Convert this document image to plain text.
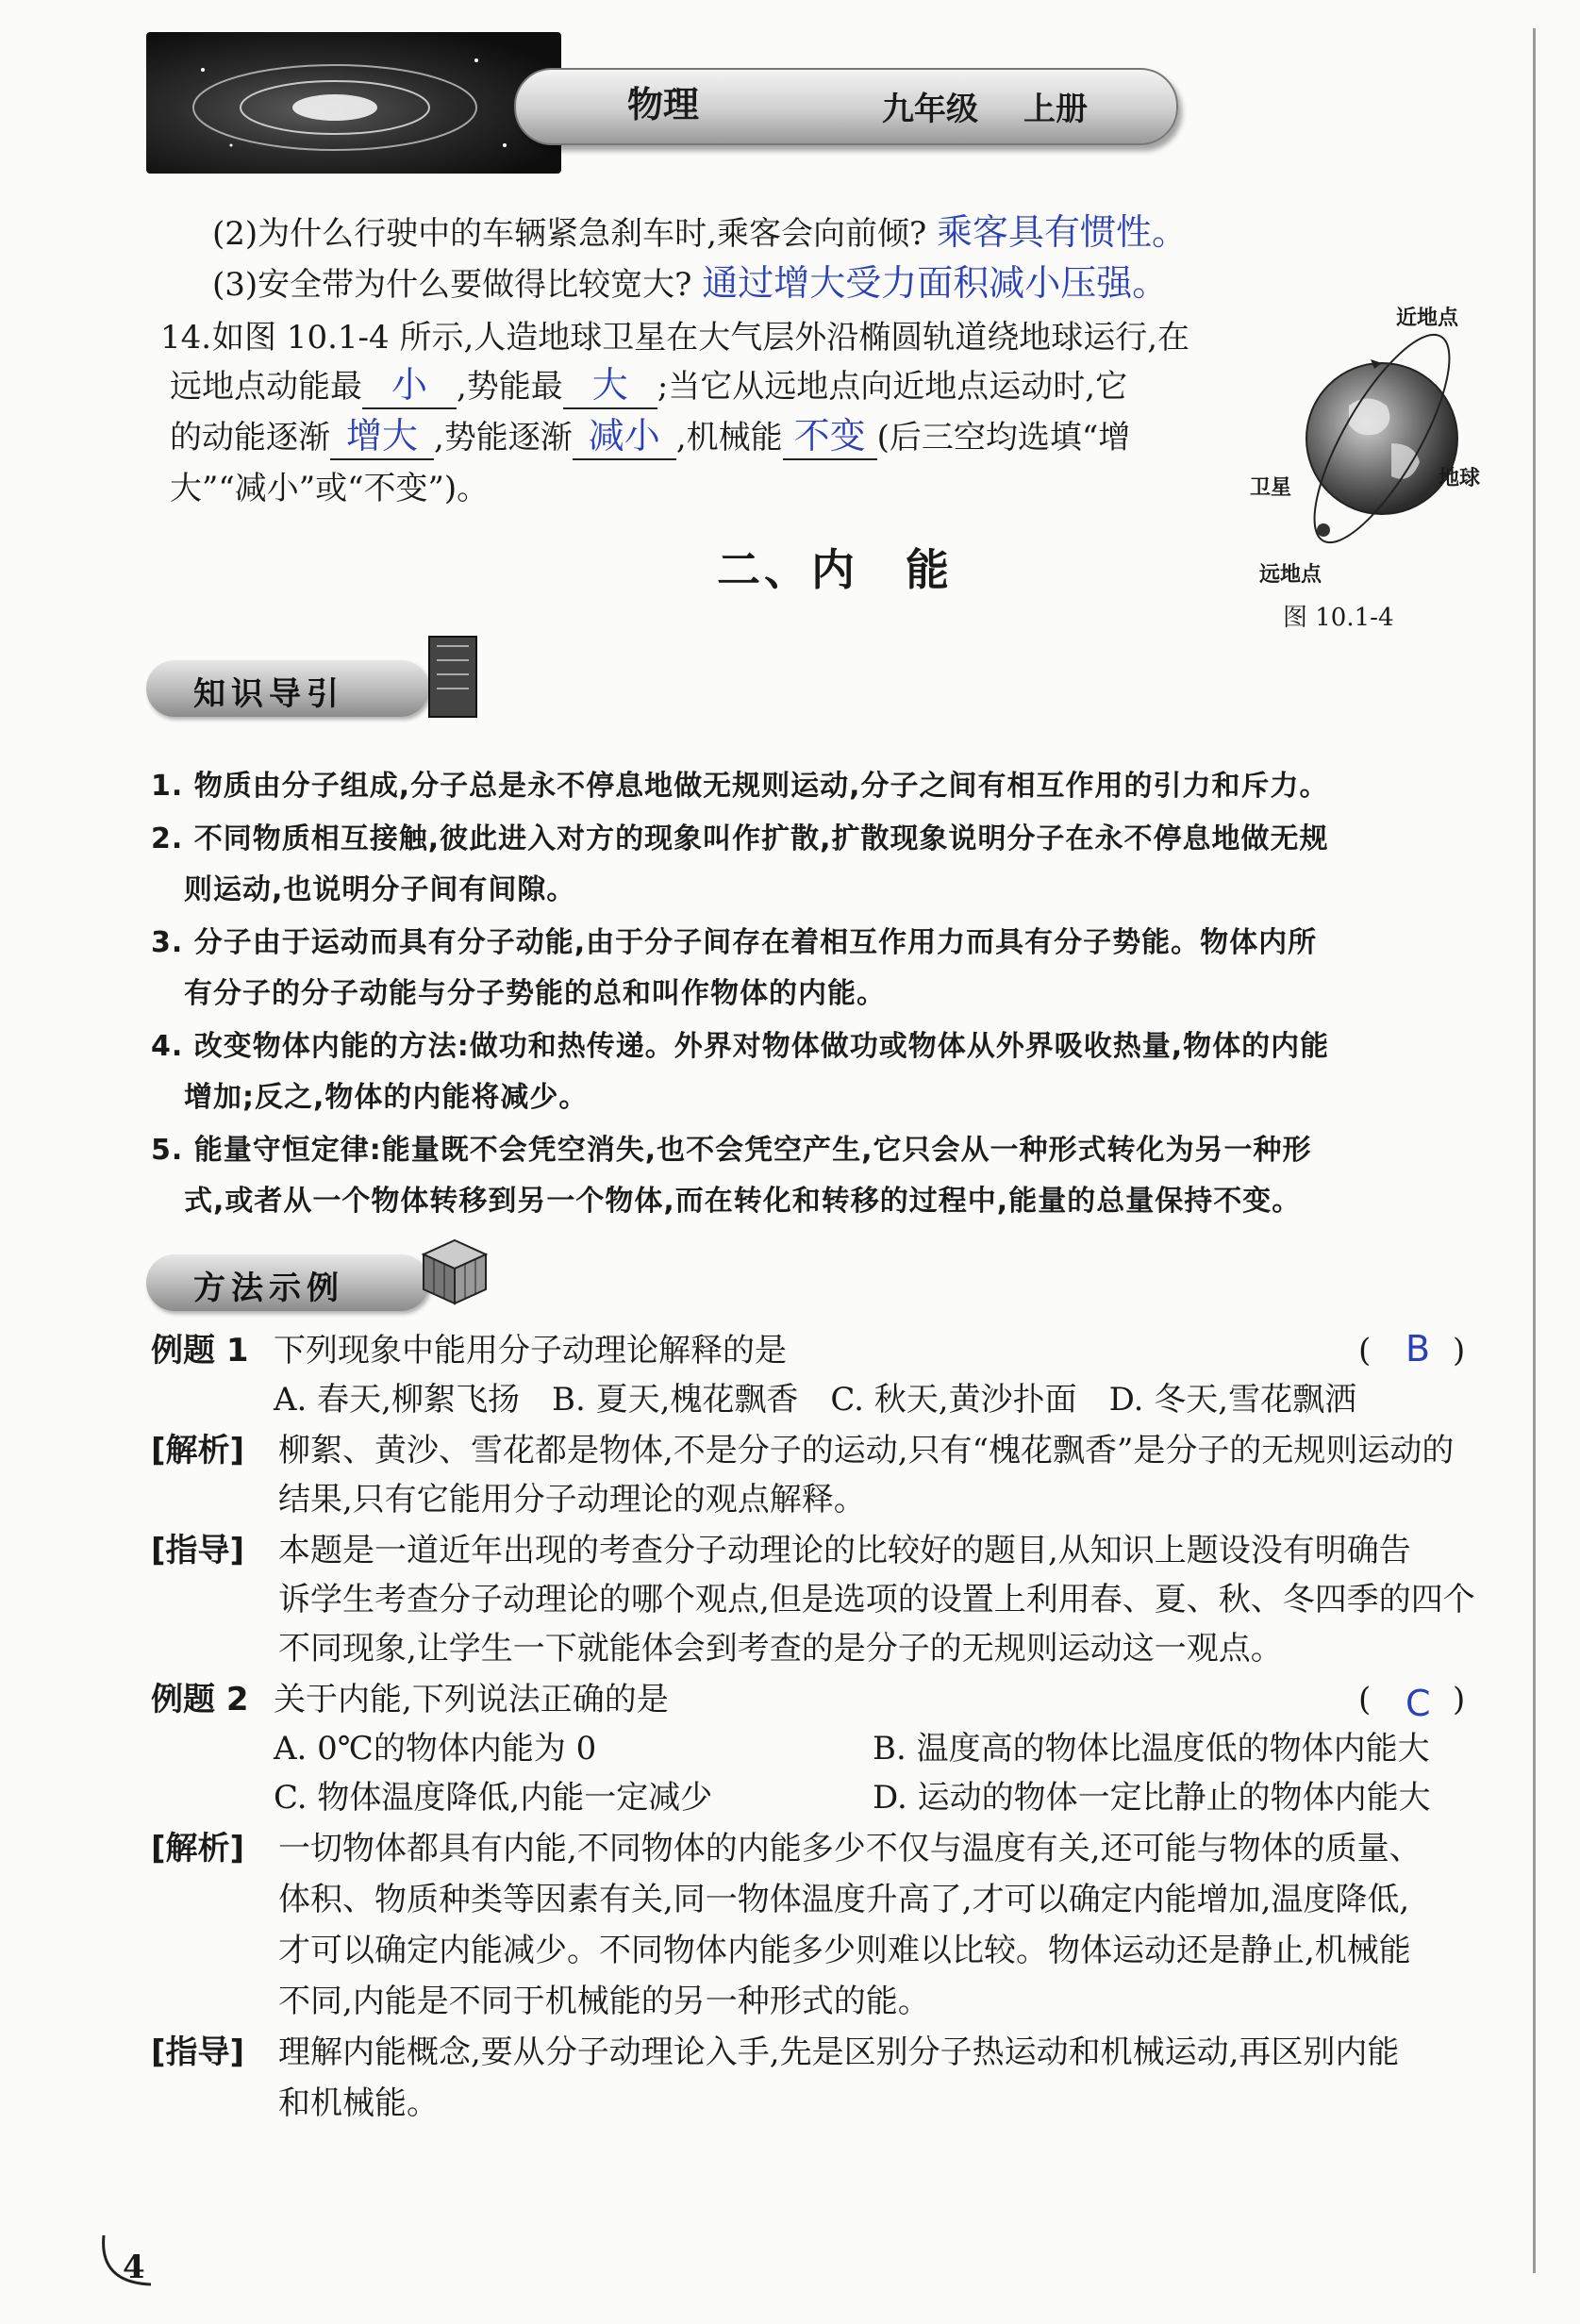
物理	九年级 上册
(2)为什么行驶中的车辆紧急刹车时,乘客会向前倾? 乘客具有惯性。
(3)安全带为什么要做得比较宽大? 通过增大受力面积减小压强。
14. 如图 10.1-4 所示,人造地球卫星在大气层外沿椭圆轨道绕地球运行,在
远地点动能最 小 ,势能最 大 ;当它从远地点向近地点运动时,它
的动能逐渐 增大 ,势能逐渐 减小 ,机械能 不变 (后三空均选填“增
大”“减小”或“不变”)。
近地点
卫星	地球
远地点
图 10.1-4
二、内　能
知识导引
1. 物质由分子组成,分子总是永不停息地做无规则运动,分子之间有相互作用的引力和斥力。
2. 不同物质相互接触,彼此进入对方的现象叫作扩散,扩散现象说明分子在永不停息地做无规
则运动,也说明分子间有间隙。
3. 分子由于运动而具有分子动能,由于分子间存在着相互作用力而具有分子势能。物体内所
有分子的分子动能与分子势能的总和叫作物体的内能。
4. 改变物体内能的方法:做功和热传递。外界对物体做功或物体从外界吸收热量,物体的内能
增加;反之,物体的内能将减少。
5. 能量守恒定律:能量既不会凭空消失,也不会凭空产生,它只会从一种形式转化为另一种形
式,或者从一个物体转移到另一个物体,而在转化和转移的过程中,能量的总量保持不变。
方法示例
例题 1 下列现象中能用分子动理论解释的是	( B )
A. 春天,柳絮飞扬　B. 夏天,槐花飘香　C. 秋天,黄沙扑面　D. 冬天,雪花飘洒
[解析] 柳絮、黄沙、雪花都是物体,不是分子的运动,只有“槐花飘香”是分子的无规则运动的
结果,只有它能用分子动理论的观点解释。
[指导] 本题是一道近年出现的考查分子动理论的比较好的题目,从知识上题设没有明确告
诉学生考查分子动理论的哪个观点,但是选项的设置上利用春、夏、秋、冬四季的四个
不同现象,让学生一下就能体会到考查的是分子的无规则运动这一观点。
例题 2 关于内能,下列说法正确的是	( C )
A. 0℃的物体内能为 0	B. 温度高的物体比温度低的物体内能大
C. 物体温度降低,内能一定减少	D. 运动的物体一定比静止的物体内能大
[解析] 一切物体都具有内能,不同物体的内能多少不仅与温度有关,还可能与物体的质量、
体积、物质种类等因素有关,同一物体温度升高了,才可以确定内能增加,温度降低,
才可以确定内能减少。不同物体内能多少则难以比较。物体运动还是静止,机械能
不同,内能是不同于机械能的另一种形式的能。
[指导] 理解内能概念,要从分子动理论入手,先是区别分子热运动和机械运动,再区别内能
和机械能。
4
